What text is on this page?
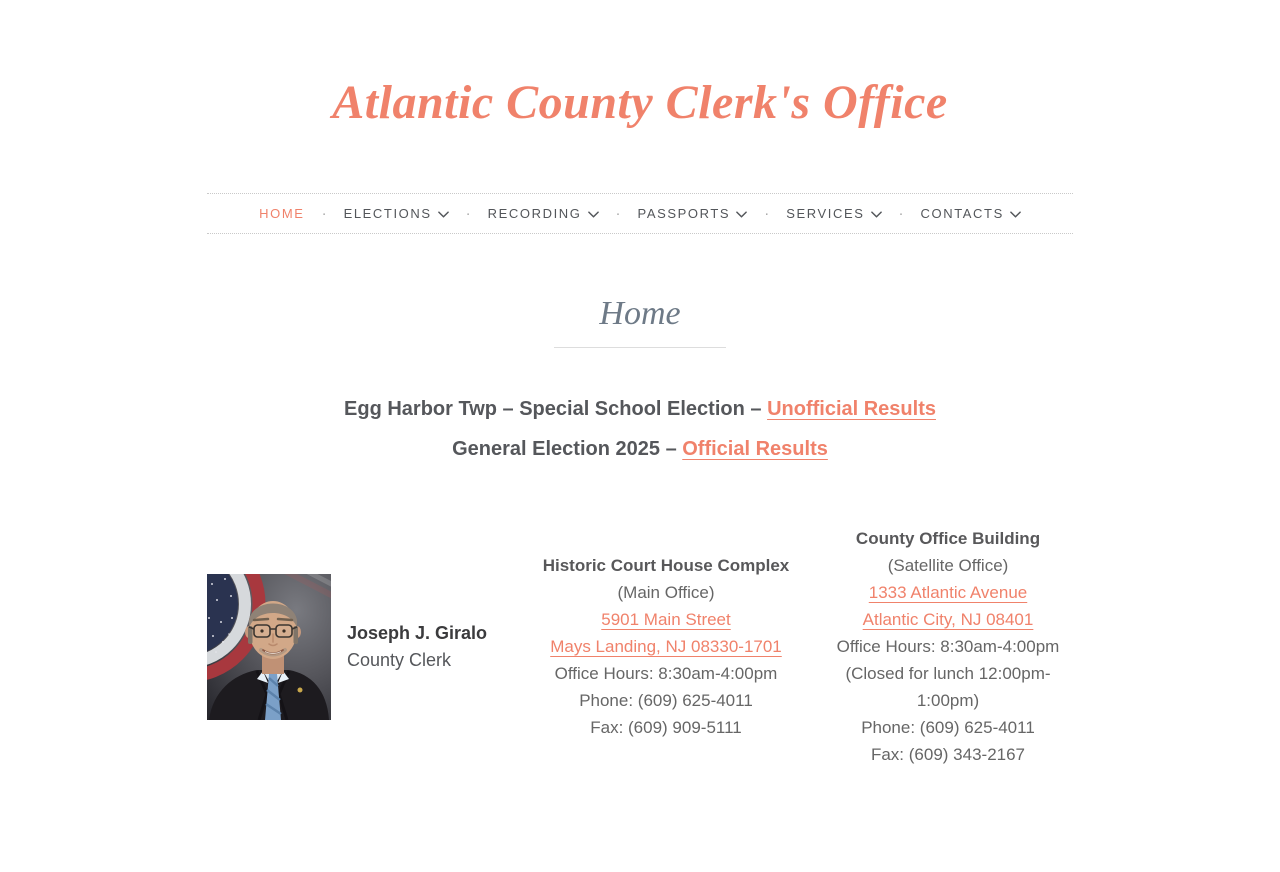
Atlantic County Clerk's Office
HOME · ELECTIONS · RECORDING · PASSPORTS · SERVICES · CONTACTS
Home

Egg Harbor Twp – Special School Election – Unofficial Results

General Election 2025 – Official Results

Joseph J. Giralo
County Clerk

Historic Court House Complex

(Main Office)

5901 Main Street
Mays Landing, NJ 08330-1701

Office Hours: 8:30am-4:00pm

Phone: (609) 625-4011

Fax: (609) 909-5111

County Office Building

(Satellite Office)

1333 Atlantic Avenue
Atlantic City, NJ 08401

Office Hours: 8:30am-4:00pm

(Closed for lunch 12:00pm-1:00pm)

Phone: (609) 625-4011

Fax: (609) 343-2167
